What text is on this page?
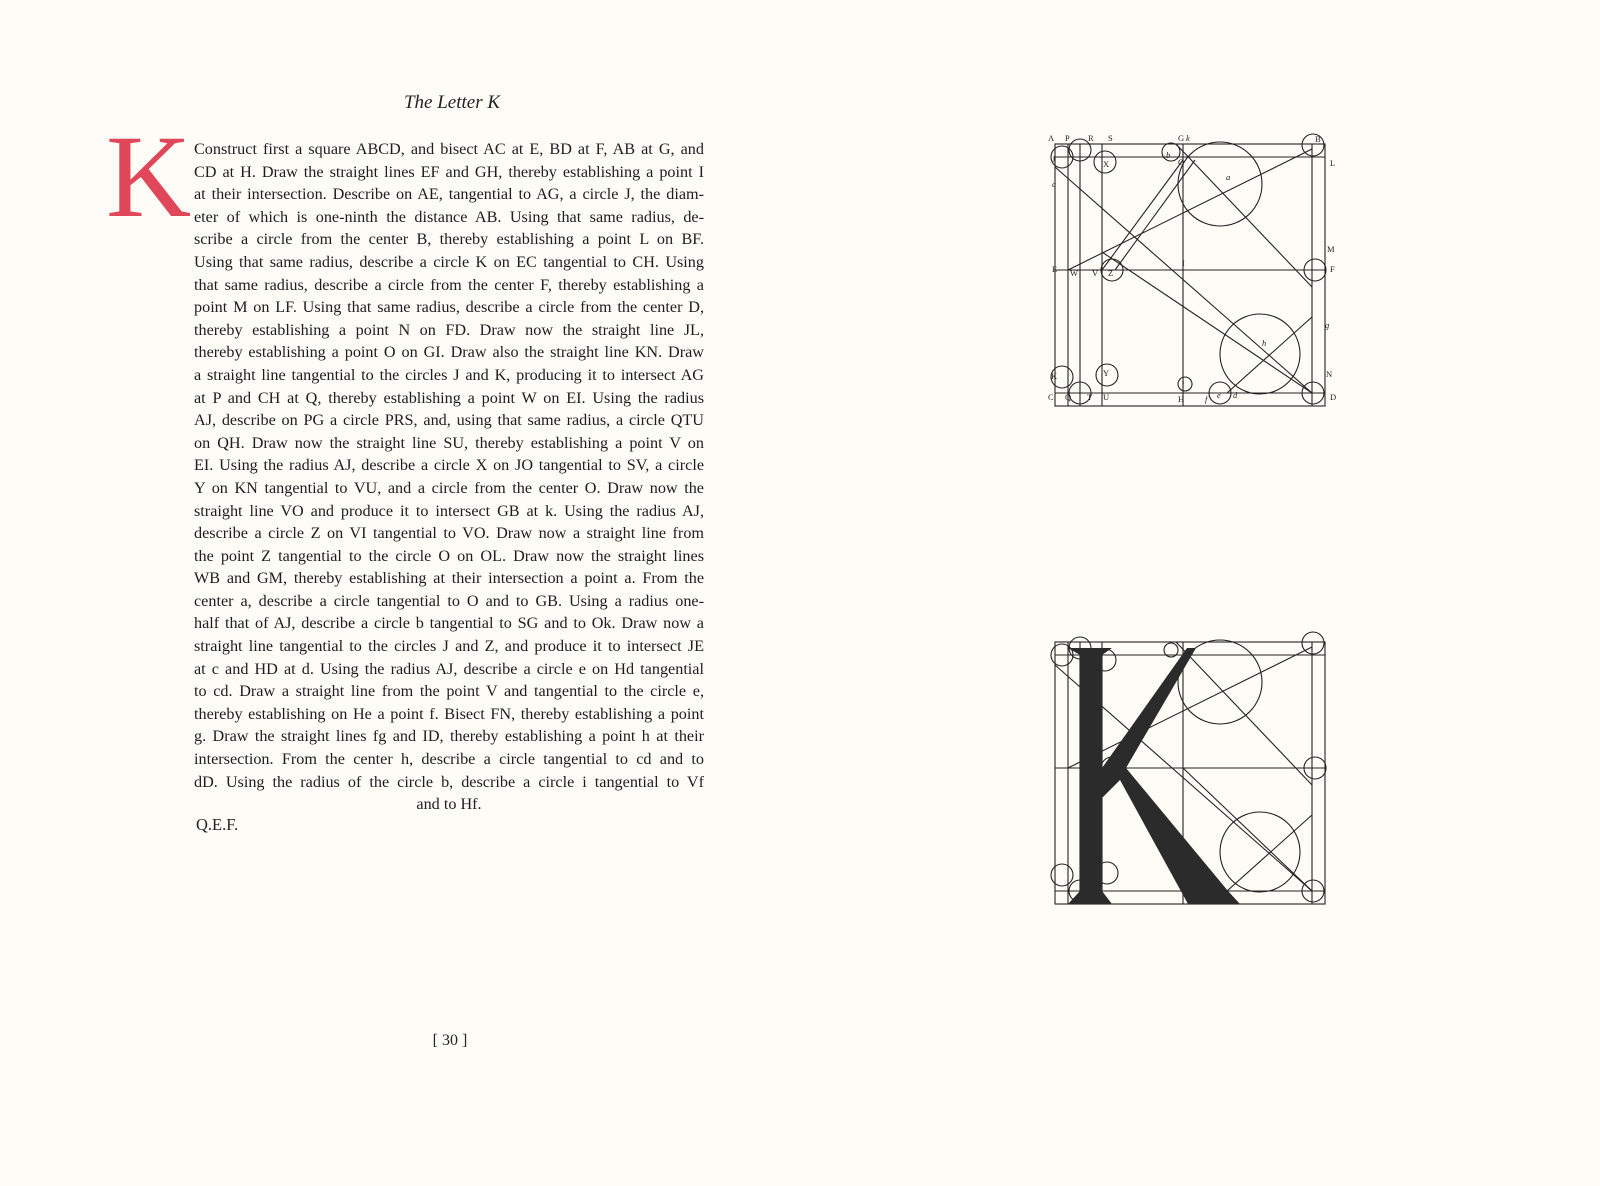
The Letter K
K Construct first a square ABCD, and bisect AC at E, BD at F, AB at G, and
CD at H. Draw the straight lines EF and GH, thereby establishing a point I
at their intersection. Describe on AE, tangential to AG, a circle J, the diam-
eter of which is one-ninth the distance AB. Using that same radius, de-
scribe a circle from the center B, thereby establishing a point L on BF.
Using that same radius, describe a circle K on EC tangential to CH. Using
that same radius, describe a circle from the center F, thereby establishing a
point M on LF. Using that same radius, describe a circle from the center D,
thereby establishing a point N on FD. Draw now the straight line JL,
thereby establishing a point O on GI. Draw also the straight line KN. Draw
a straight line tangential to the circles J and K, producing it to intersect AG
at P and CH at Q, thereby establishing a point W on EI. Using the radius
AJ, describe on PG a circle PRS, and, using that same radius, a circle QTU
on QH. Draw now the straight line SU, thereby establishing a point V on
EI. Using the radius AJ, describe a circle X on JO tangential to SV, a circle
Y on KN tangential to VU, and a circle from the center O. Draw now the
straight line VO and produce it to intersect GB at k. Using the radius AJ,
describe a circle Z on VI tangential to VO. Draw now a straight line from
the point Z tangential to the circle O on OL. Draw now the straight lines
WB and GM, thereby establishing at their intersection a point a. From the
center a, describe a circle tangential to O and to GB. Using a radius one-
half that of AJ, describe a circle b tangential to SG and to Ok. Draw now a
straight line tangential to the circles J and Z, and produce it to intersect JE
at c and HD at d. Using the radius AJ, describe a circle e on Hd tangential
to cd. Draw a straight line from the point V and tangential to the circle e,
thereby establishing on He a point f. Bisect FN, thereby establishing a point
g. Draw the straight lines fg and ID, thereby establishing a point h at their
intersection. From the center h, describe a circle tangential to cd and to
dD. Using the radius of the circle b, describe a circle i tangential to Vf
and to Hf.
Q.E.F.
[ 30 ]
A P R S	G k	B
J	X
b
O
a
L
c
M
E W V Z
I
F
h
g
K	Y
i
N
C Q T U	H f e d	D
